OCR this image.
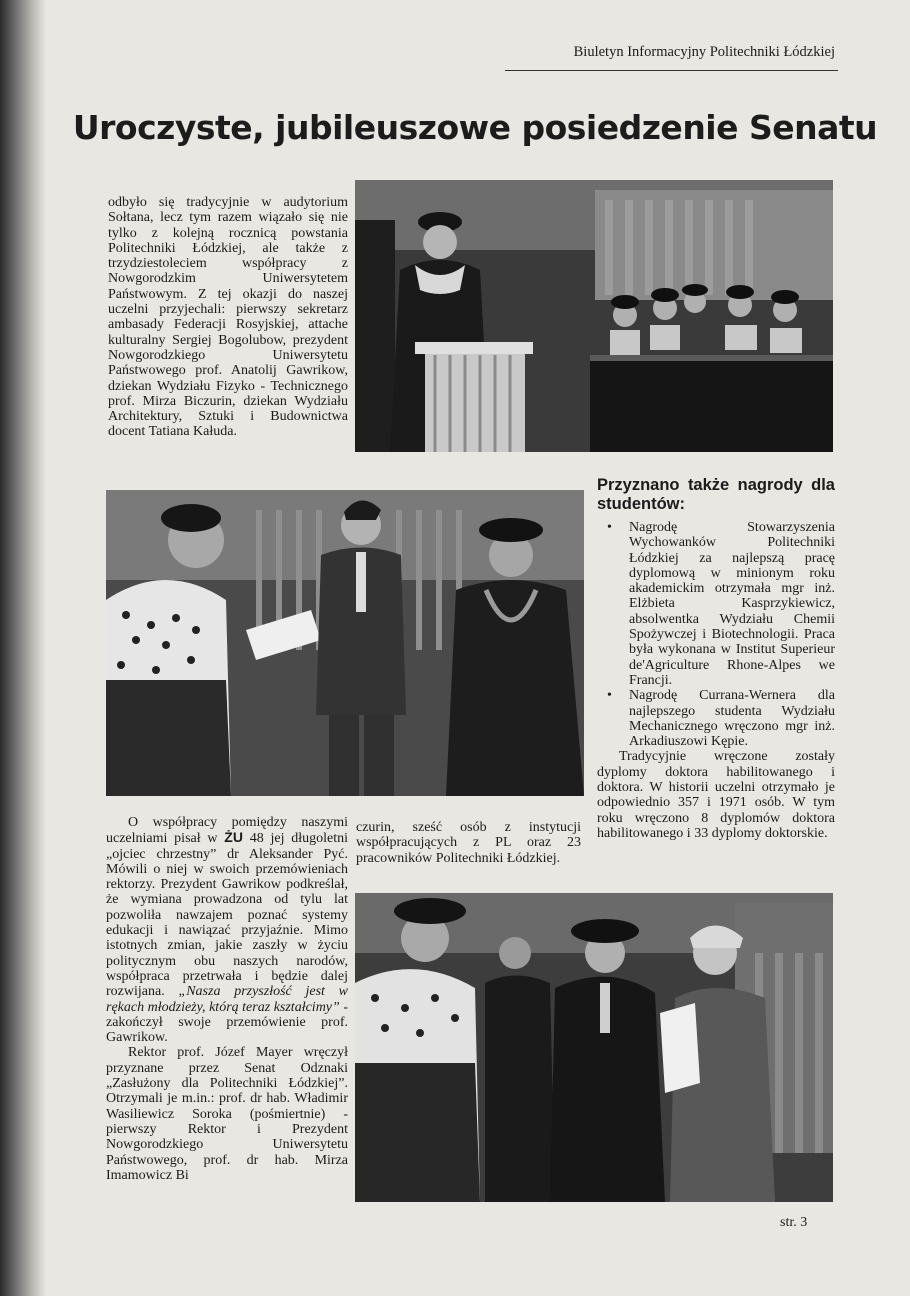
Biuletyn Informacyjny Politechniki Łódzkiej
Uroczyste, jubileuszowe posiedzenie Senatu

odbyło się tradycyjnie w audytorium Sołtana, lecz tym razem wiązało się nie tylko z kolejną rocznicą powstania Politechniki Łódzkiej, ale także z trzydziestoleciem współpracy z Nowgorodzkim Uniwersytetem Państwowym. Z tej okazji do naszej uczelni przyjechali: pierwszy sekretarz ambasady Federacji Rosyjskiej, attache kulturalny Sergiej Bogolubow, prezydent Nowgorodzkiego Uniwersytetu Państwowego prof. Anatolij Gawrikow, dziekan Wydziału Fizyko - Technicznego prof. Mirza Biczurin, dziekan Wydziału Architektury, Sztuki i Budownictwa docent Tatiana Kałuda.

Przyznano także nagrody dla studentów:
• Nagrodę Stowarzyszenia Wychowanków Politechniki Łódzkiej za najlepszą pracę dyplomową w minionym roku akademickim otrzymała mgr inż. Elżbieta Kasprzykiewicz, absolwentka Wydziału Chemii Spożywczej i Biotechnologii. Praca była wykonana w Institut Superieur de'Agriculture Rhone-Alpes we Francji.
• Nagrodę Currana-Wernera dla najlepszego studenta Wydziału Mechanicznego wręczono mgr inż. Arkadiuszowi Kępie.

Tradycyjnie wręczone zostały dyplomy doktora habilitowanego i doktora. W historii uczelni otrzymało je odpowiednio 357 i 1971 osób. W tym roku wręczono 8 dyplomów doktora habilitowanego i 33 dyplomy doktorskie.

O współpracy pomiędzy naszymi uczelniami pisał w ŻU 48 jej długoletni „ojciec chrzestny” dr Aleksander Pyć. Mówili o niej w swoich przemówieniach rektorzy. Prezydent Gawrikow podkreślał, że wymiana prowadzona od tylu lat pozwoliła nawzajem poznać systemy edukacji i nawiązać przyjaźnie. Mimo istotnych zmian, jakie zaszły w życiu politycznym obu naszych narodów, współpraca przetrwała i będzie dalej rozwijana. „Nasza przyszłość jest w rękach młodzieży, którą teraz kształcimy” - zakończył swoje przemówienie prof. Gawrikow.

Rektor prof. Józef Mayer wręczył przyznane przez Senat Odznaki „Zasłużony dla Politechniki Łódzkiej”. Otrzymali je m.in.: prof. dr hab. Władimir Wasiliewicz Soroka (pośmiertnie) - pierwszy Rektor i Prezydent Nowgorodzkiego Uniwersytetu Państwowego, prof. dr hab. Mirza Imamowicz Bi

czurin, sześć osób z instytucji współpracujących z PL oraz 23 pracowników Politechniki Łódzkiej.

str. 3
